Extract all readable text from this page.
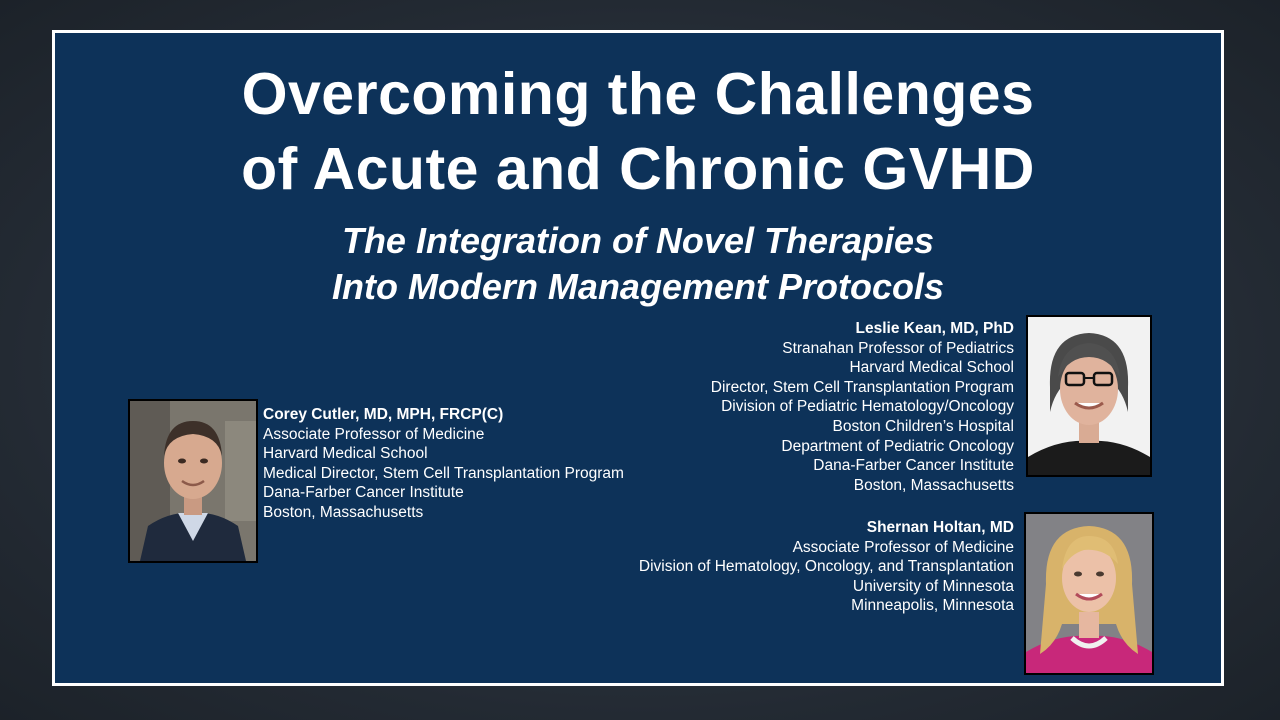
Overcoming the Challenges
of Acute and Chronic GVHD
The Integration of Novel Therapies
Into Modern Management Protocols
Corey Cutler, MD, MPH, FRCP(C)
Associate Professor of Medicine
Harvard Medical School
Medical Director, Stem Cell Transplantation Program
Dana-Farber Cancer Institute
Boston, Massachusetts
Leslie Kean, MD, PhD
Stranahan Professor of Pediatrics
Harvard Medical School
Director, Stem Cell Transplantation Program
Division of Pediatric Hematology/Oncology
Boston Children’s Hospital
Department of Pediatric Oncology
Dana-Farber Cancer Institute
Boston, Massachusetts
Shernan Holtan, MD
Associate Professor of Medicine
Division of Hematology, Oncology, and Transplantation
University of Minnesota
Minneapolis, Minnesota
